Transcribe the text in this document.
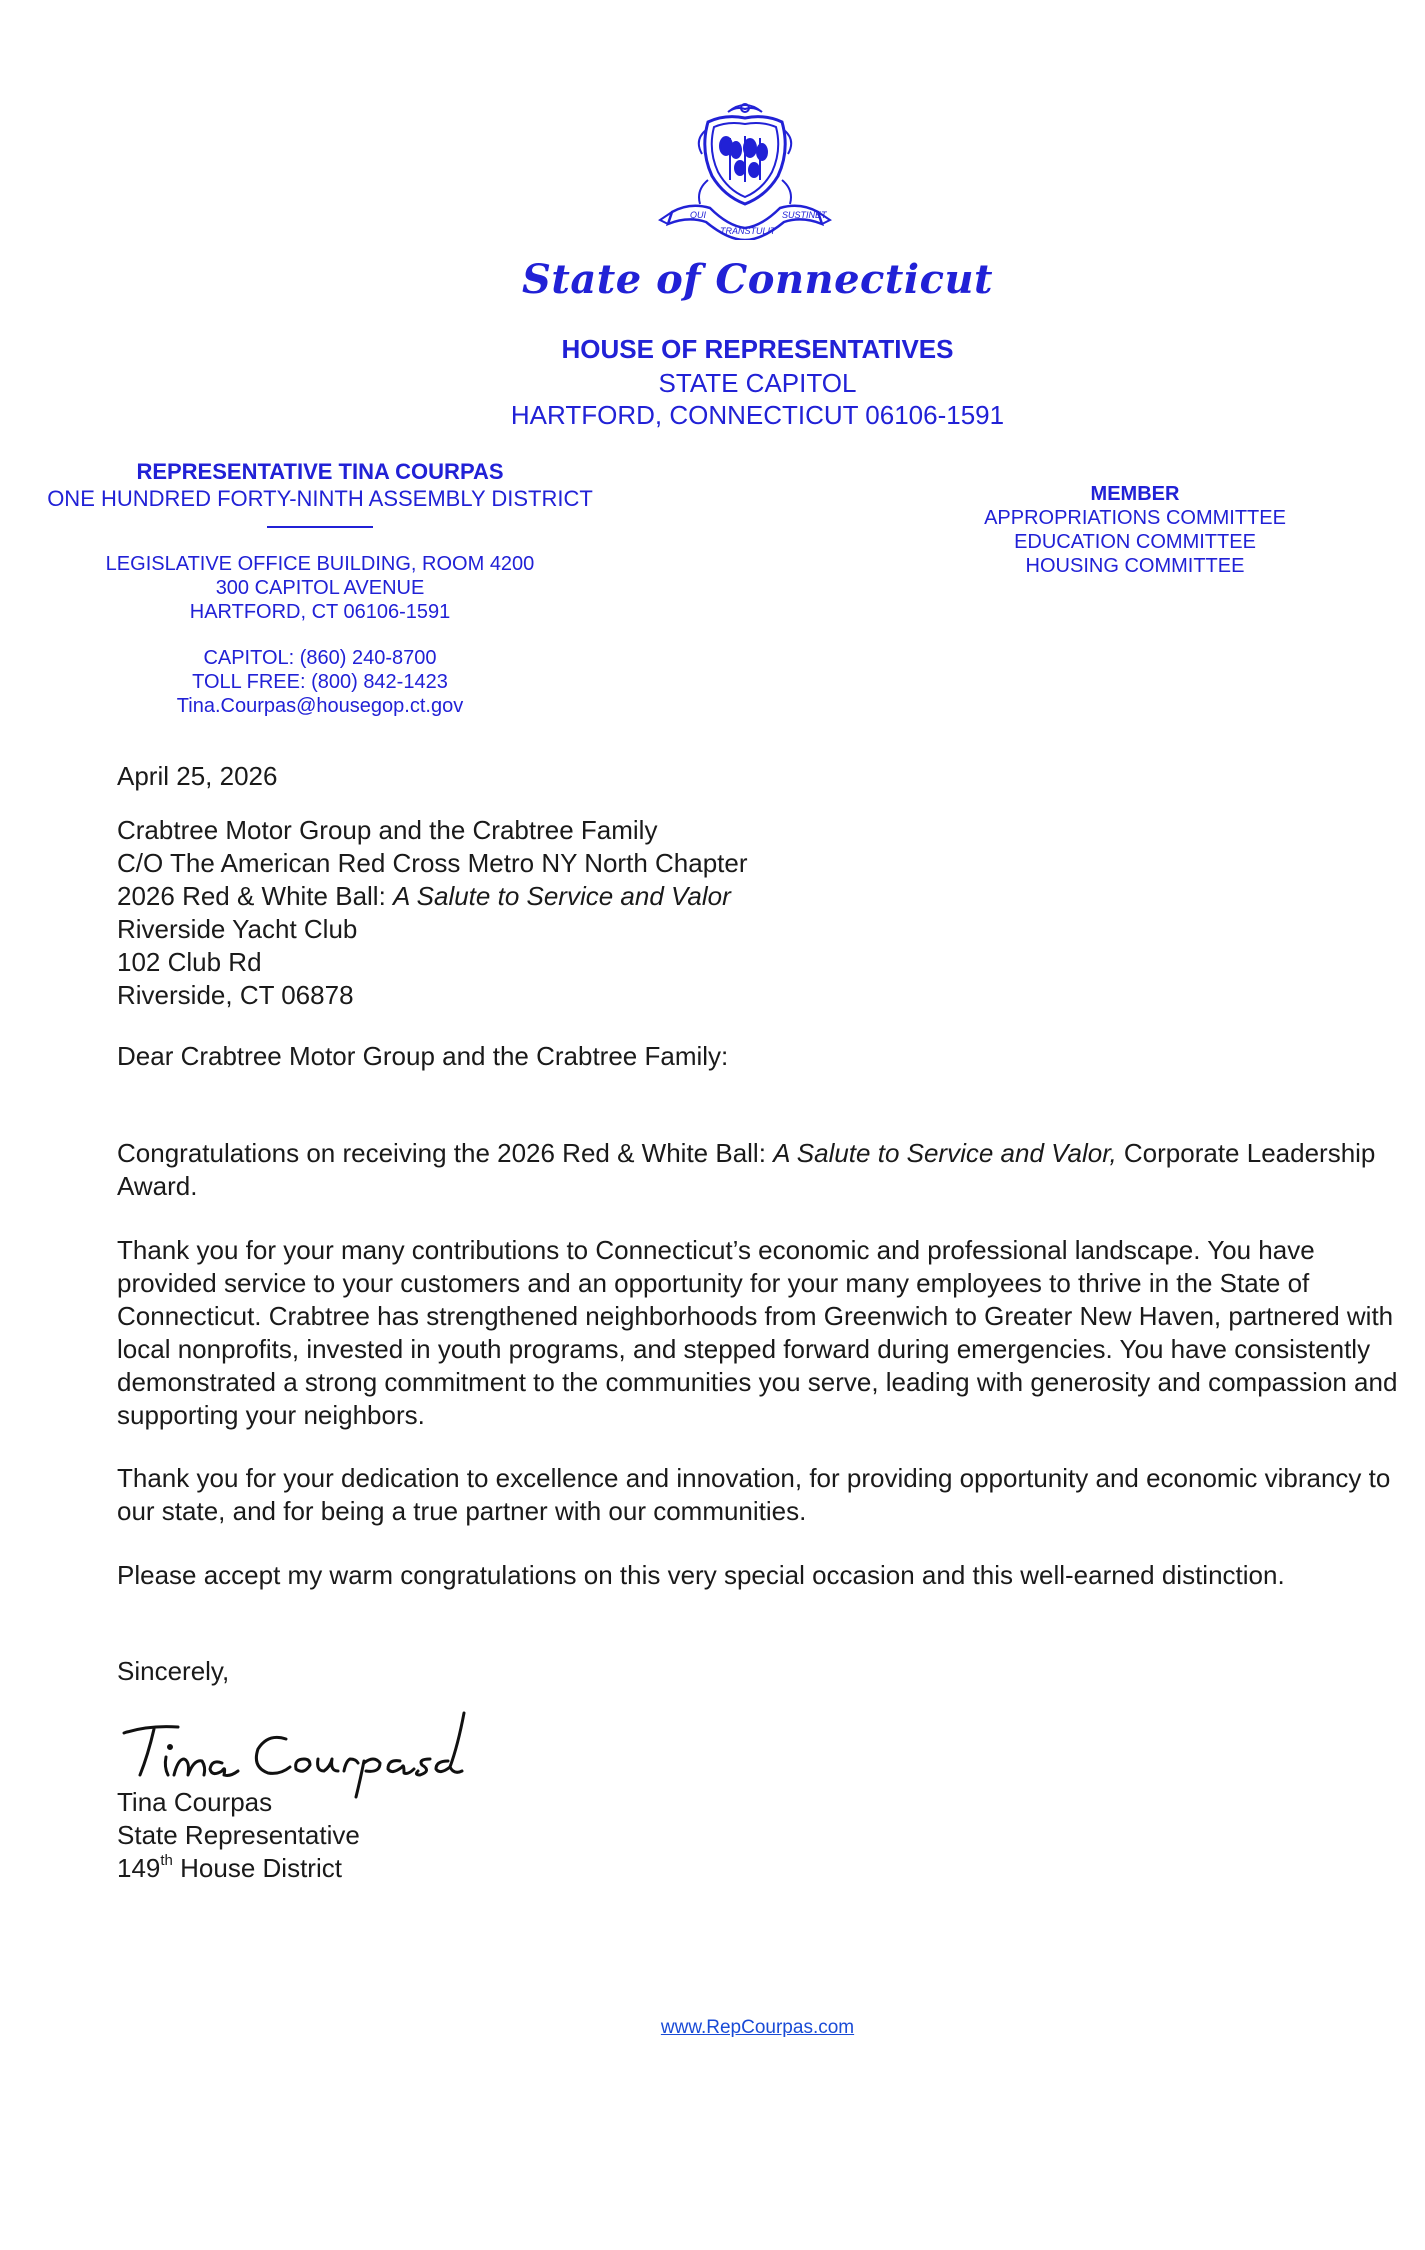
QUI
TRANSTULIT
SUSTINET
State of Connecticut
HOUSE OF REPRESENTATIVES
STATE CAPITOL
HARTFORD, CONNECTICUT 06106-1591
REPRESENTATIVE TINA COURPAS
ONE HUNDRED FORTY-NINTH ASSEMBLY DISTRICT
LEGISLATIVE OFFICE BUILDING, ROOM 4200
300 CAPITOL AVENUE
HARTFORD, CT 06106-1591
CAPITOL: (860) 240-8700
TOLL FREE: (800) 842-1423
Tina.Courpas@housegop.ct.gov
MEMBER
APPROPRIATIONS COMMITTEE
EDUCATION COMMITTEE
HOUSING COMMITTEE
April 25, 2026
Crabtree Motor Group and the Crabtree Family
C/O The American Red Cross Metro NY North Chapter
2026 Red & White Ball: A Salute to Service and Valor
Riverside Yacht Club
102 Club Rd
Riverside, CT 06878
Dear Crabtree Motor Group and the Crabtree Family:
Congratulations on receiving the 2026 Red & White Ball: A Salute to Service and Valor, Corporate Leadership Award.
Thank you for your many contributions to Connecticut’s economic and professional landscape. You have provided service to your customers and an opportunity for your many employees to thrive in the State of Connecticut. Crabtree has strengthened neighborhoods from Greenwich to Greater New Haven, partnered with local nonprofits, invested in youth programs, and stepped forward during emergencies. You have consistently demonstrated a strong commitment to the communities you serve, leading with generosity and compassion and supporting your neighbors.
Thank you for your dedication to excellence and innovation, for providing opportunity and economic vibrancy to our state, and for being a true partner with our communities.
Please accept my warm congratulations on this very special occasion and this well-earned distinction.
Sincerely,
Tina Courpas
State Representative
149th House District
www.RepCourpas.com
